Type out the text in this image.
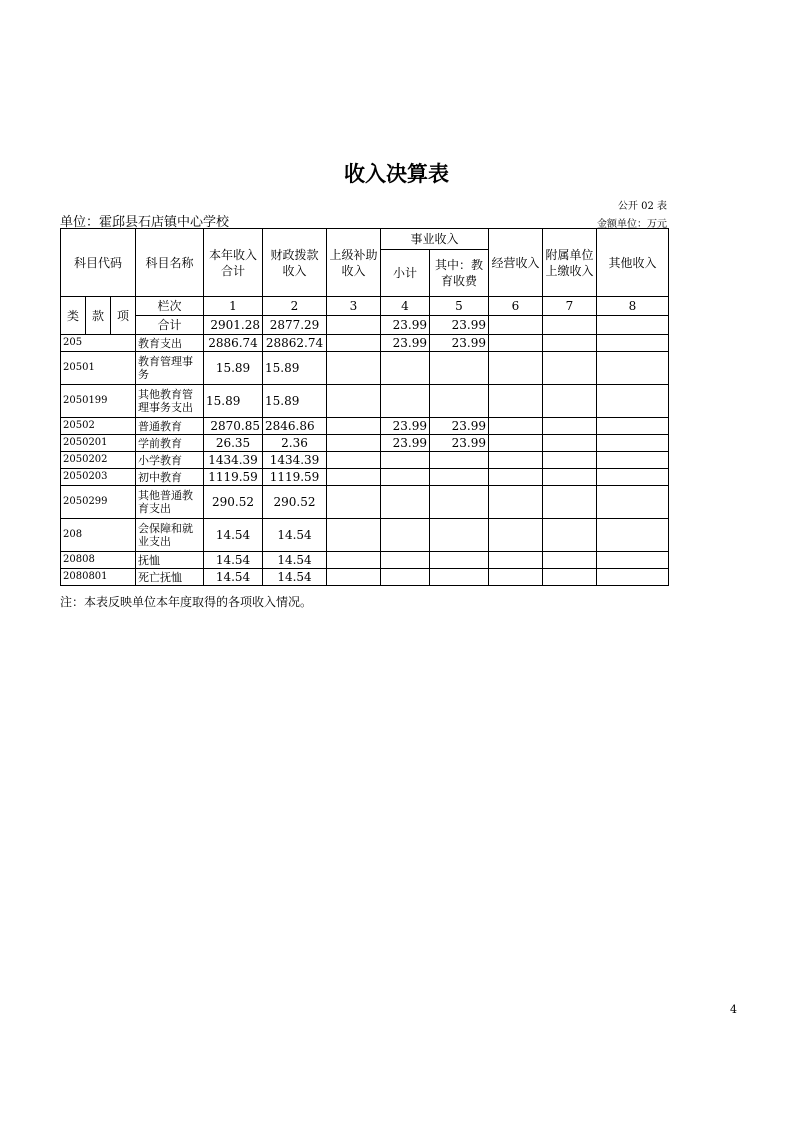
收入决算表
公开 02 表
单位：霍邱县石店镇中心学校	金额单位：万元
科目代码			科目名称	本年收入合计	财政拨款收入	上级补助收入	事业收入		经营收入	附属单位上缴收入	其他收入
							小计	其中：教育收费			
类	款	项	栏次	1	2	3	4	5	6	7	8
			合计	2901.28	2877.29		23.99	23.99			
205			教育支出	2886.74	28862.74		23.99	23.99			
20501			教育管理事务	15.89	15.89						
2050199			其他教育管理事务支出	15.89	15.89						
20502			普通教育	2870.85	2846.86		23.99	23.99			
2050201			学前教育	26.35	2.36		23.99	23.99			
2050202			小学教育	1434.39	1434.39						
2050203			初中教育	1119.59	1119.59						
2050299			其他普通教育支出	290.52	290.52						
208			会保障和就业支出	14.54	14.54						
20808			抚恤	14.54	14.54						
2080801			死亡抚恤	14.54	14.54						
注：本表反映单位本年度取得的各项收入情况。
4
